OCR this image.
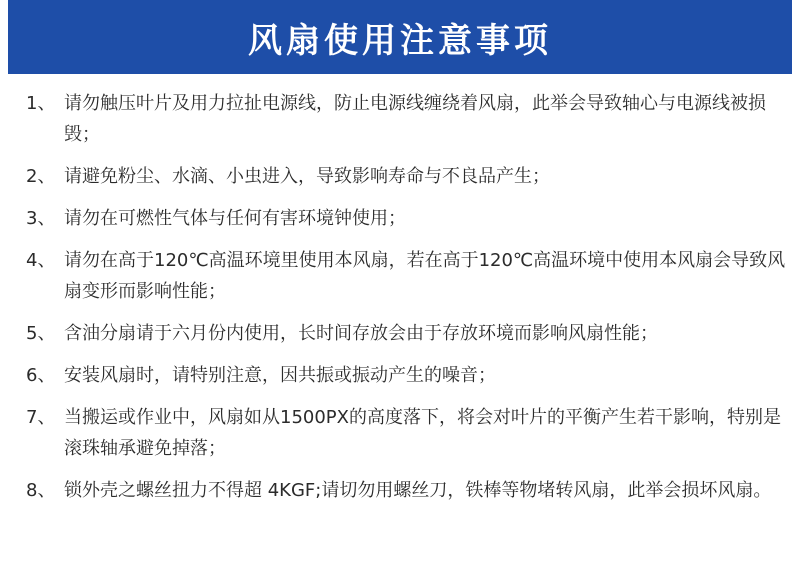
风扇使用注意事项
1、 请勿触压叶片及用力拉扯电源线，防止电源线缠绕着风扇，此举会导致轴心与电源线被损毁；
2、 请避免粉尘、水滴、小虫进入，导致影响寿命与不良品产生；
3、 请勿在可燃性气体与任何有害环境钟使用；
4、 请勿在高于120℃高温环境里使用本风扇，若在高于120℃高温环境中使用本风扇会导致风扇变形而影响性能；
5、 含油分扇请于六月份内使用，长时间存放会由于存放环境而影响风扇性能；
6、 安装风扇时，请特别注意，因共振或振动产生的噪音；
7、 当搬运或作业中，风扇如从1500PX的高度落下，将会对叶片的平衡产生若干影响，特别是滚珠轴承避免掉落；
8、 锁外壳之螺丝扭力不得超 4KGF;请切勿用螺丝刀，铁棒等物堵转风扇，此举会损坏风扇。
